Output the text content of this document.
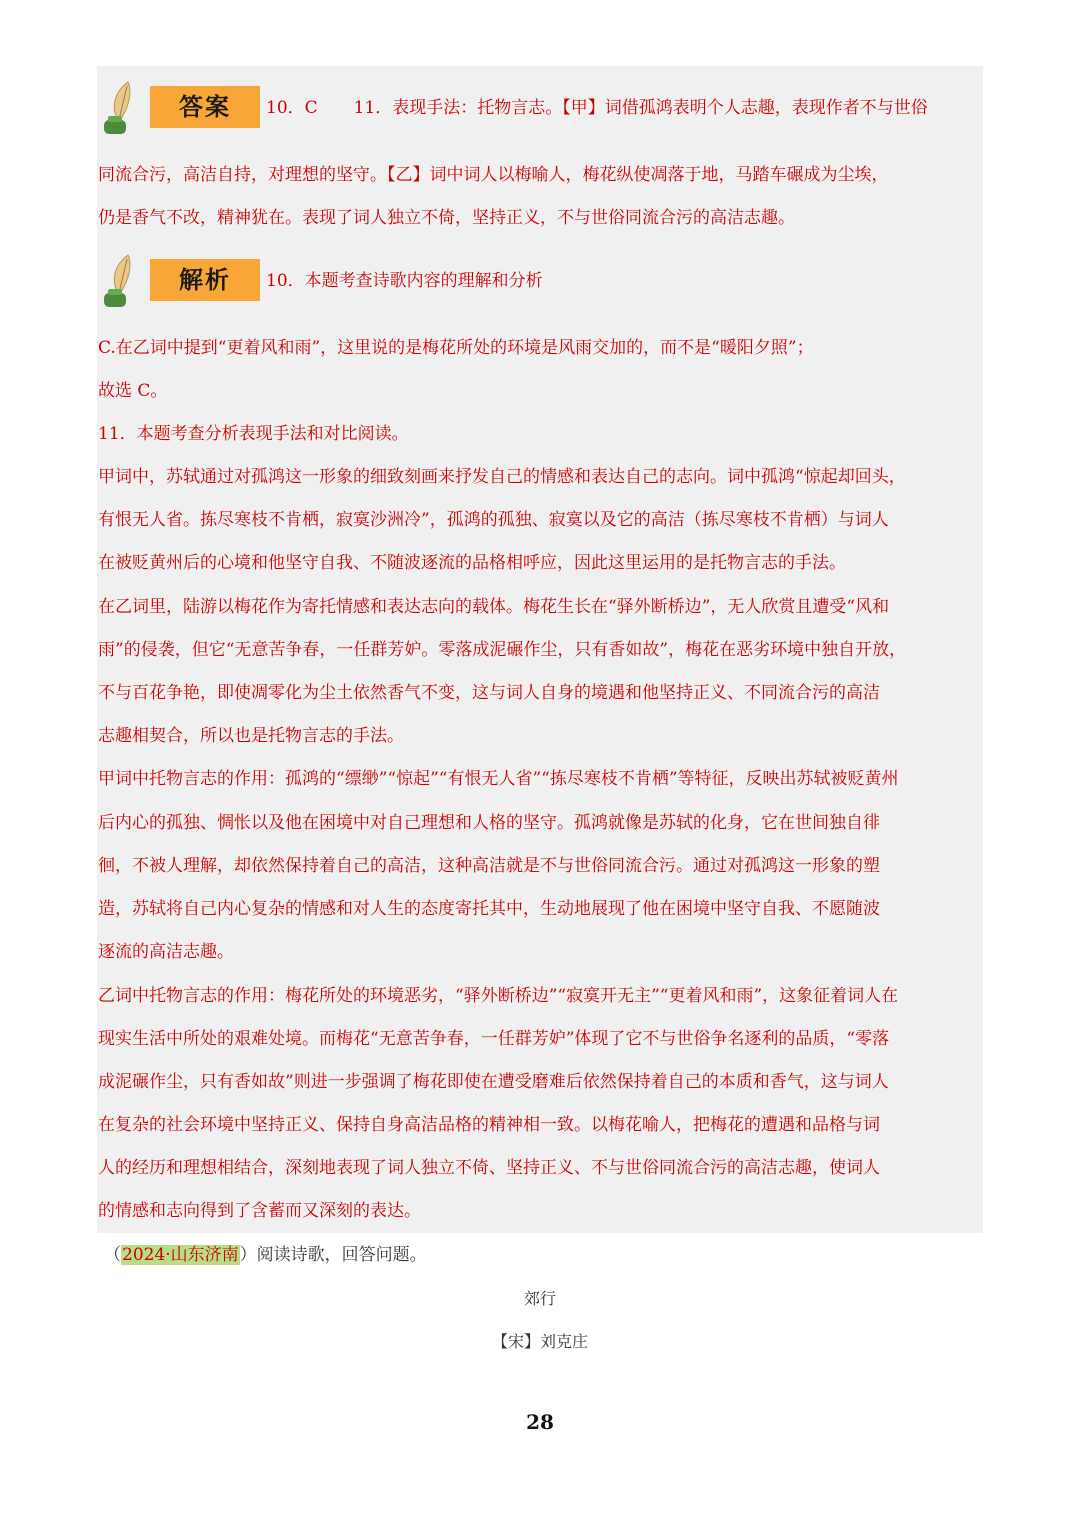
答案	10．C 11．表现手法：托物言志。【甲】词借孤鸿表明个人志趣，表现作者不与世俗
同流合污，高洁自持，对理想的坚守。【乙】词中词人以梅喻人，梅花纵使凋落于地，马踏车碾成为尘埃，
仍是香气不改，精神犹在。表现了词人独立不倚，坚持正义，不与世俗同流合污的高洁志趣。
解析	10．本题考查诗歌内容的理解和分析
C.在乙词中提到“更着风和雨”，这里说的是梅花所处的环境是风雨交加的，而不是“暖阳夕照”；
故选 C。
11．本题考查分析表现手法和对比阅读。
甲词中，苏轼通过对孤鸿这一形象的细致刻画来抒发自己的情感和表达自己的志向。词中孤鸿“惊起却回头，
有恨无人省。拣尽寒枝不肯栖，寂寞沙洲冷”，孤鸿的孤独、寂寞以及它的高洁（拣尽寒枝不肯栖）与词人
在被贬黄州后的心境和他坚守自我、不随波逐流的品格相呼应，因此这里运用的是托物言志的手法。
在乙词里，陆游以梅花作为寄托情感和表达志向的载体。梅花生长在“驿外断桥边”，无人欣赏且遭受“风和
雨”的侵袭，但它“无意苦争春，一任群芳妒。零落成泥碾作尘，只有香如故”，梅花在恶劣环境中独自开放，
不与百花争艳，即使凋零化为尘土依然香气不变，这与词人自身的境遇和他坚持正义、不同流合污的高洁
志趣相契合，所以也是托物言志的手法。
甲词中托物言志的作用：孤鸿的“缥缈”“惊起”“有恨无人省”“拣尽寒枝不肯栖”等特征，反映出苏轼被贬黄州
后内心的孤独、惆怅以及他在困境中对自己理想和人格的坚守。孤鸿就像是苏轼的化身，它在世间独自徘
徊，不被人理解，却依然保持着自己的高洁，这种高洁就是不与世俗同流合污。通过对孤鸿这一形象的塑
造，苏轼将自己内心复杂的情感和对人生的态度寄托其中，生动地展现了他在困境中坚守自我、不愿随波
逐流的高洁志趣。
乙词中托物言志的作用：梅花所处的环境恶劣，“驿外断桥边”“寂寞开无主”“更着风和雨”，这象征着词人在
现实生活中所处的艰难处境。而梅花“无意苦争春，一任群芳妒”体现了它不与世俗争名逐利的品质，“零落
成泥碾作尘，只有香如故”则进一步强调了梅花即使在遭受磨难后依然保持着自己的本质和香气，这与词人
在复杂的社会环境中坚持正义、保持自身高洁品格的精神相一致。以梅花喻人，把梅花的遭遇和品格与词
人的经历和理想相结合，深刻地表现了词人独立不倚、坚持正义、不与世俗同流合污的高洁志趣，使词人
的情感和志向得到了含蓄而又深刻的表达。
（2024·山东济南）阅读诗歌，回答问题。
郊行
【宋】刘克庄
28
